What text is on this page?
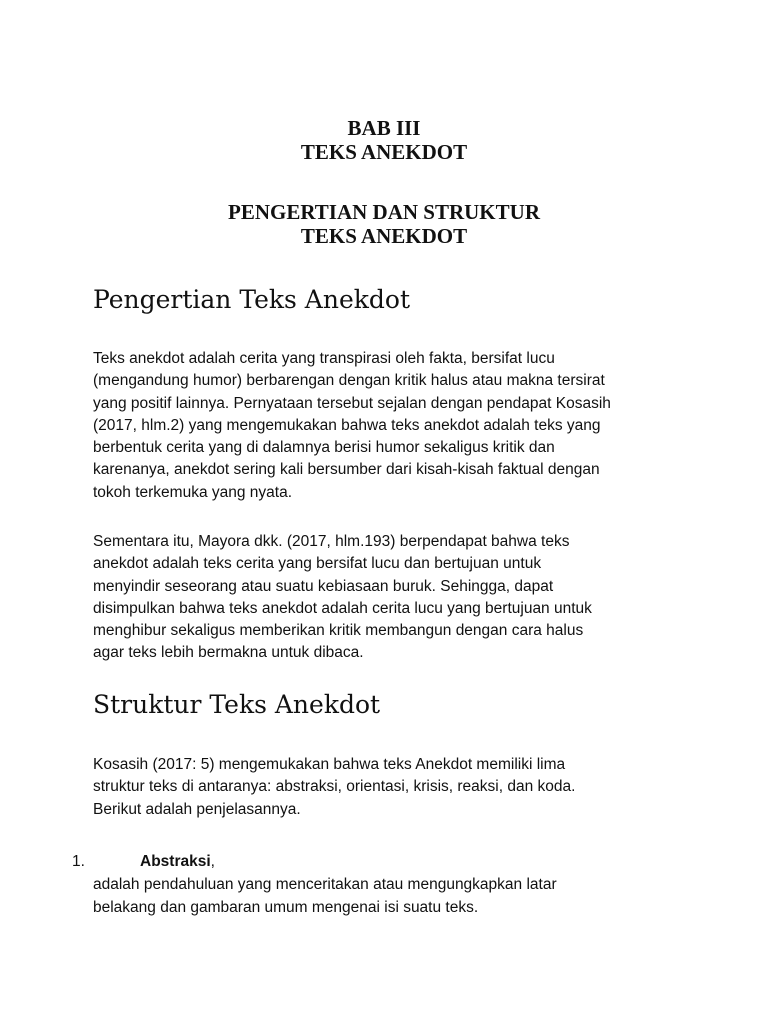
BAB III
TEKS ANEKDOT
PENGERTIAN DAN STRUKTUR
TEKS ANEKDOT
Pengertian Teks Anekdot

Teks anekdot adalah cerita yang transpirasi oleh fakta, bersifat lucu
(mengandung humor) berbarengan dengan kritik halus atau makna tersirat
yang positif lainnya. Pernyataan tersebut sejalan dengan pendapat Kosasih
(2017, hlm.2) yang mengemukakan bahwa teks anekdot adalah teks yang
berbentuk cerita yang di dalamnya berisi humor sekaligus kritik dan
karenanya, anekdot sering kali bersumber dari kisah-kisah faktual dengan
tokoh terkemuka yang nyata.

Sementara itu, Mayora dkk. (2017, hlm.193) berpendapat bahwa teks
anekdot adalah teks cerita yang bersifat lucu dan bertujuan untuk
menyindir seseorang atau suatu kebiasaan buruk. Sehingga, dapat
disimpulkan bahwa teks anekdot adalah cerita lucu yang bertujuan untuk
menghibur sekaligus memberikan kritik membangun dengan cara halus
agar teks lebih bermakna untuk dibaca.

Struktur Teks Anekdot

Kosasih (2017: 5) mengemukakan bahwa teks Anekdot memiliki lima
struktur teks di antaranya: abstraksi, orientasi, krisis, reaksi, dan koda.
Berikut adalah penjelasannya.

1.	Abstraksi,
adalah pendahuluan yang menceritakan atau mengungkapkan latar
belakang dan gambaran umum mengenai isi suatu teks.
